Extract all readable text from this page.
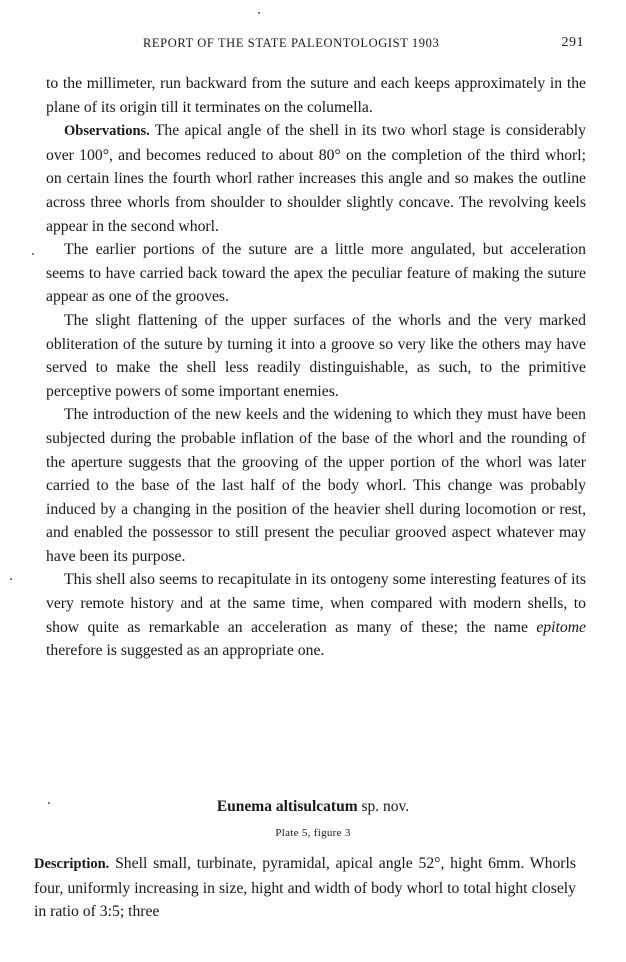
REPORT OF THE STATE PALEONTOLOGIST 1903	291

to the millimeter, run backward from the suture and each keeps approximately in the plane of its origin till it terminates on the columella.

Observations. The apical angle of the shell in its two whorl stage is considerably over 100°, and becomes reduced to about 80° on the completion of the third whorl; on certain lines the fourth whorl rather increases this angle and so makes the outline across three whorls from shoulder to shoulder slightly concave. The revolving keels appear in the second whorl.

The earlier portions of the suture are a little more angulated, but acceleration seems to have carried back toward the apex the peculiar feature of making the suture appear as one of the grooves.

The slight flattening of the upper surfaces of the whorls and the very marked obliteration of the suture by turning it into a groove so very like the others may have served to make the shell less readily distinguishable, as such, to the primitive perceptive powers of some important enemies.

The introduction of the new keels and the widening to which they must have been subjected during the probable inflation of the base of the whorl and the rounding of the aperture suggests that the grooving of the upper portion of the whorl was later carried to the base of the last half of the body whorl. This change was probably induced by a changing in the position of the heavier shell during locomotion or rest, and enabled the possessor to still present the peculiar grooved aspect whatever may have been its purpose.

This shell also seems to recapitulate in its ontogeny some interesting features of its very remote history and at the same time, when compared with modern shells, to show quite as remarkable an acceleration as many of these; the name epitome therefore is suggested as an appropriate one.

Eunema altisulcatum sp. nov.
Plate 5, figure 3

Description. Shell small, turbinate, pyramidal, apical angle 52°, hight 6mm. Whorls four, uniformly increasing in size, hight and width of body whorl to total hight closely in ratio of 3:5; three
